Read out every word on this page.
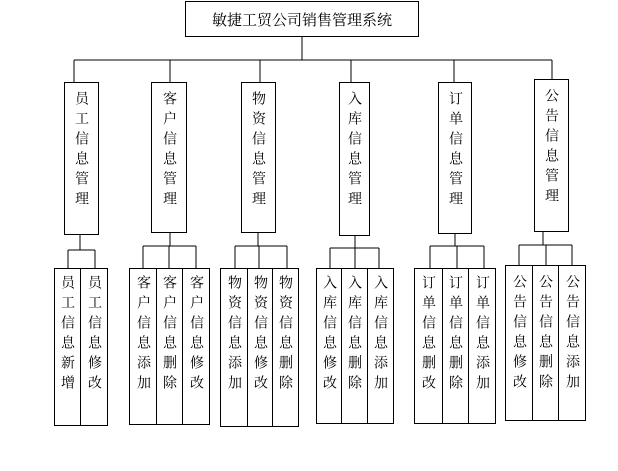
敏捷工贸公司销售管理系统
员工信息管理	客户信息管理	物资信息管理	入库信息管理	订单信息管理	公告信息管理
员工信息新增 员工信息修改 客户信息添加 客户信息删除 客户信息修改 物资信息添加 物资信息修改 物资信息删除 入库信息修改 入库信息删除 入库信息添加 订单信息删改 订单信息删除 订单信息添加 公告信息修改 公告信息删除 公告信息添加
